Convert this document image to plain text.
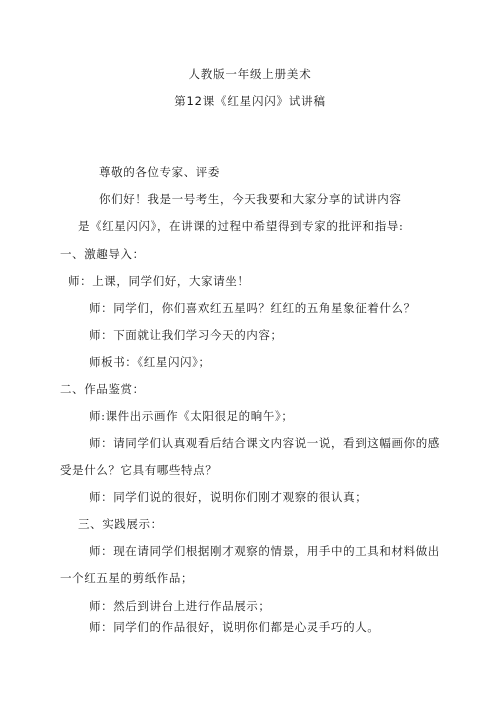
人教版一年级上册美术
第12课《红星闪闪》试讲稿
尊敬的各位专家、评委
你们好！我是一号考生，今天我要和大家分享的试讲内容
是《红星闪闪》，在讲课的过程中希望得到专家的批评和指导:
一、激趣导入：
师：上课，同学们好，大家请坐！
师：同学们，你们喜欢红五星吗？红红的五角星象征着什么？
师：下面就让我们学习今天的内容；
师板书：《红星闪闪》；
二、作品鉴赏：
师:课件出示画作《太阳很足的晌午》；
师：请同学们认真观看后结合课文内容说一说，看到这幅画你的感
受是什么？它具有哪些特点？
师：同学们说的很好，说明你们刚才观察的很认真；
三、实践展示：
师：现在请同学们根据刚才观察的情景，用手中的工具和材料做出
一个红五星的剪纸作品；
师：然后到讲台上进行作品展示；
师：同学们的作品很好，说明你们都是心灵手巧的人。
